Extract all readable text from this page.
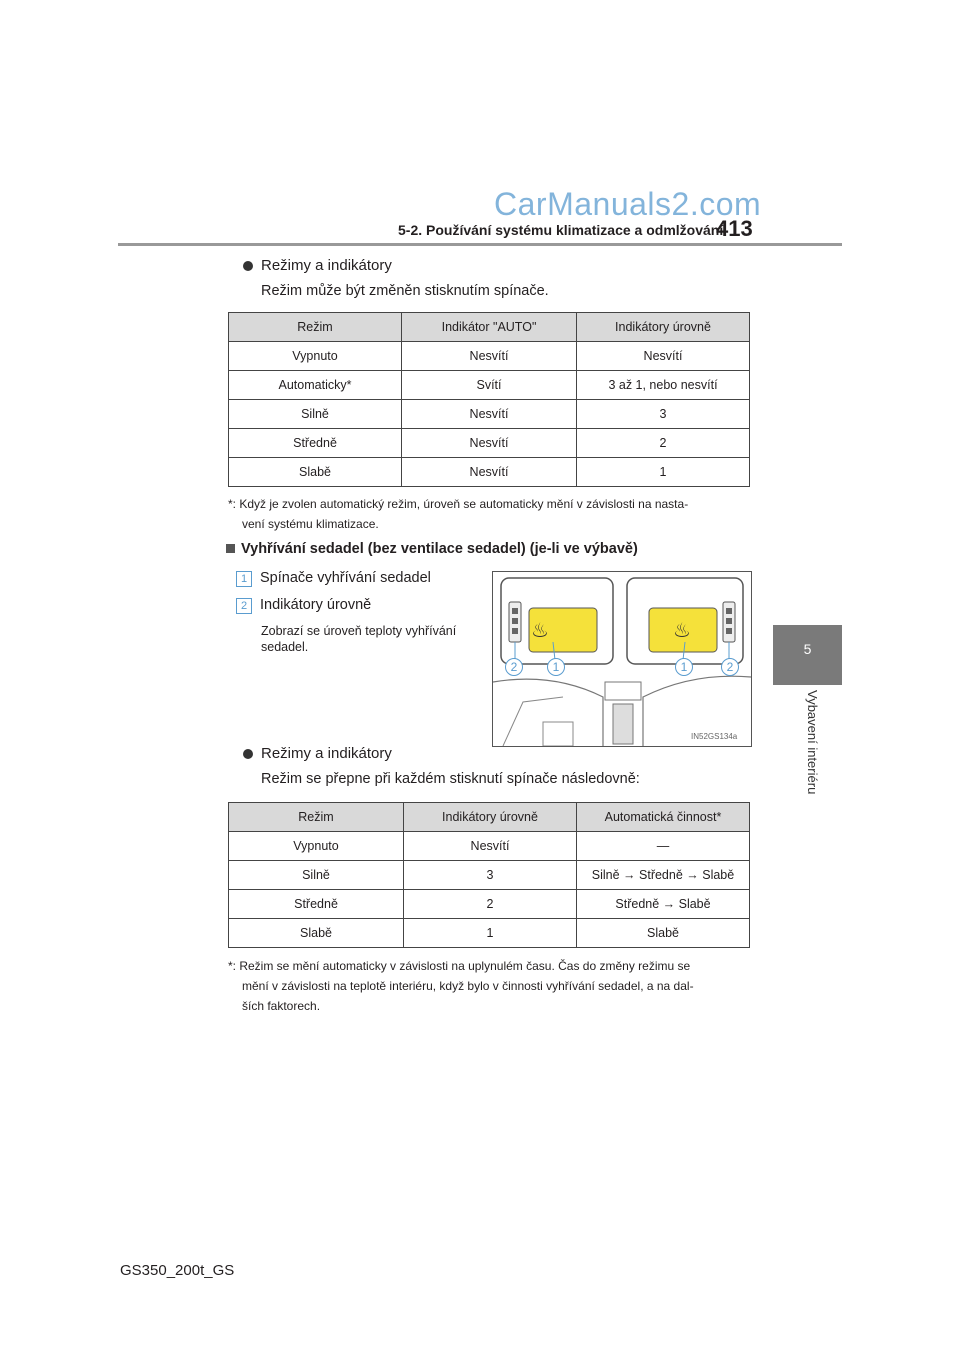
CarManuals2.com
5-2. Používání systému klimatizace a odmlžování
413
5
Vybavení interiéru
Režimy a indikátory
Režim může být změněn stisknutím spínače.
Režim	Indikátor "AUTO"	Indikátory úrovně
Vypnuto	Nesvítí	Nesvítí
Automaticky*	Svítí	3 až 1, nebo nesvítí
Silně	Nesvítí	3
Středně	Nesvítí	2
Slabě	Nesvítí	1
*: Když je zvolen automatický režim, úroveň se automaticky mění v závislosti na nasta-
vení systému klimatizace.
Vyhřívání sedadel (bez ventilace sedadel) (je-li ve výbavě)
1 Spínače vyhřívání sedadel
2 Indikátory úrovně
Zobrazí se úroveň teploty vyhřívání
sedadel.
♨	♨
2	1	1	2
IN52GS134a
Režimy a indikátory
Režim se přepne při každém stisknutí spínače následovně:
Režim	Indikátory úrovně	Automatická činnost*
Vypnuto	Nesvítí	—
Silně	3	Silně → Středně → Slabě
Středně	2	Středně → Slabě
Slabě	1	Slabě
*: Režim se mění automaticky v závislosti na uplynulém času. Čas do změny režimu se
mění v závislosti na teplotě interiéru, když bylo v činnosti vyhřívání sedadel, a na dal-
ších faktorech.
GS350_200t_GS
